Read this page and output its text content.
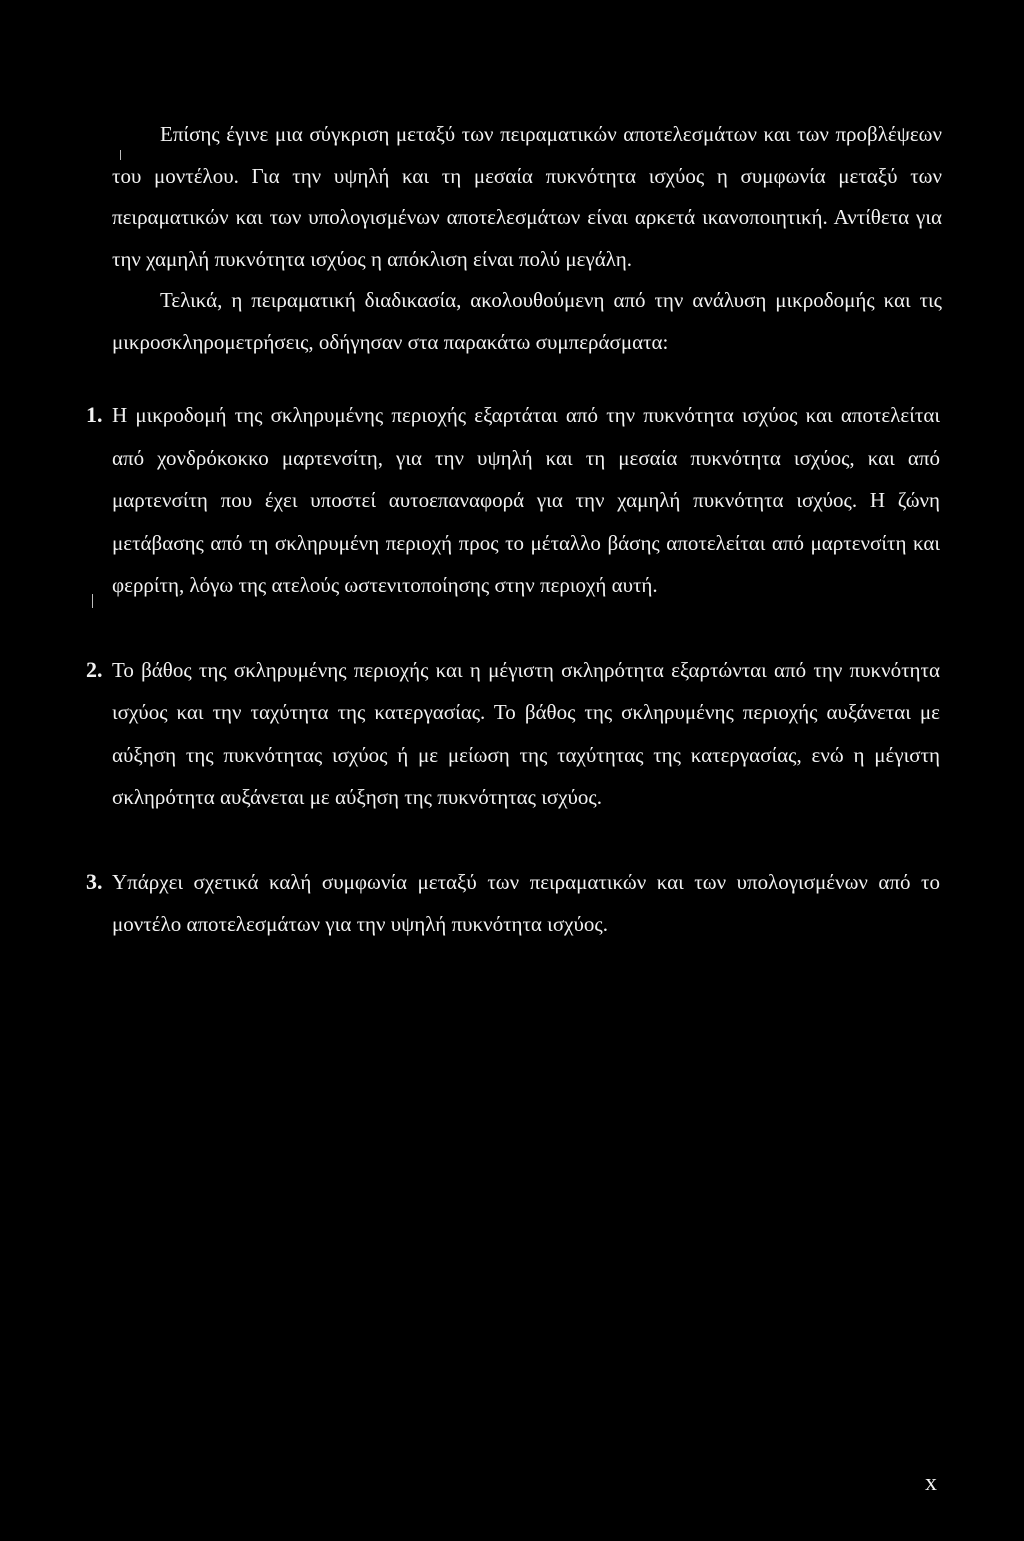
Επίσης έγινε μια σύγκριση μεταξύ των πειραματικών αποτελεσμάτων και των προβλέψεων του μοντέλου. Για την υψηλή και τη μεσαία πυκνότητα ισχύος η συμφωνία μεταξύ των πειραματικών και των υπολογισμένων αποτελεσμάτων είναι αρκετά ικανοποιητική. Αντίθετα για την χαμηλή πυκνότητα ισχύος η απόκλιση είναι πολύ μεγάλη.

Τελικά, η πειραματική διαδικασία, ακολουθούμενη από την ανάλυση μικροδομής και τις μικροσκληρομετρήσεις, οδήγησαν στα παρακάτω συμπεράσματα:

1. Η μικροδομή της σκληρυμένης περιοχής εξαρτάται από την πυκνότητα ισχύος και αποτελείται από χονδρόκοκκο μαρτενσίτη, για την υψηλή και τη μεσαία πυκνότητα ισχύος, και από μαρτενσίτη που έχει υποστεί αυτοεπαναφορά για την χαμηλή πυκνότητα ισχύος. Η ζώνη μετάβασης από τη σκληρυμένη περιοχή προς το μέταλλο βάσης αποτελείται από μαρτενσίτη και φερρίτη, λόγω της ατελούς ωστενιτοποίησης στην περιοχή αυτή.
2. Το βάθος της σκληρυμένης περιοχής και η μέγιστη σκληρότητα εξαρτώνται από την πυκνότητα ισχύος και την ταχύτητα της κατεργασίας. Το βάθος της σκληρυμένης περιοχής αυξάνεται με αύξηση της πυκνότητας ισχύος ή με μείωση της ταχύτητας της κατεργασίας, ενώ η μέγιστη σκληρότητα αυξάνεται με αύξηση της πυκνότητας ισχύος.
3. Υπάρχει σχετικά καλή συμφωνία μεταξύ των πειραματικών και των υπολογισμένων από το μοντέλο αποτελεσμάτων για την υψηλή πυκνότητα ισχύος.
x
